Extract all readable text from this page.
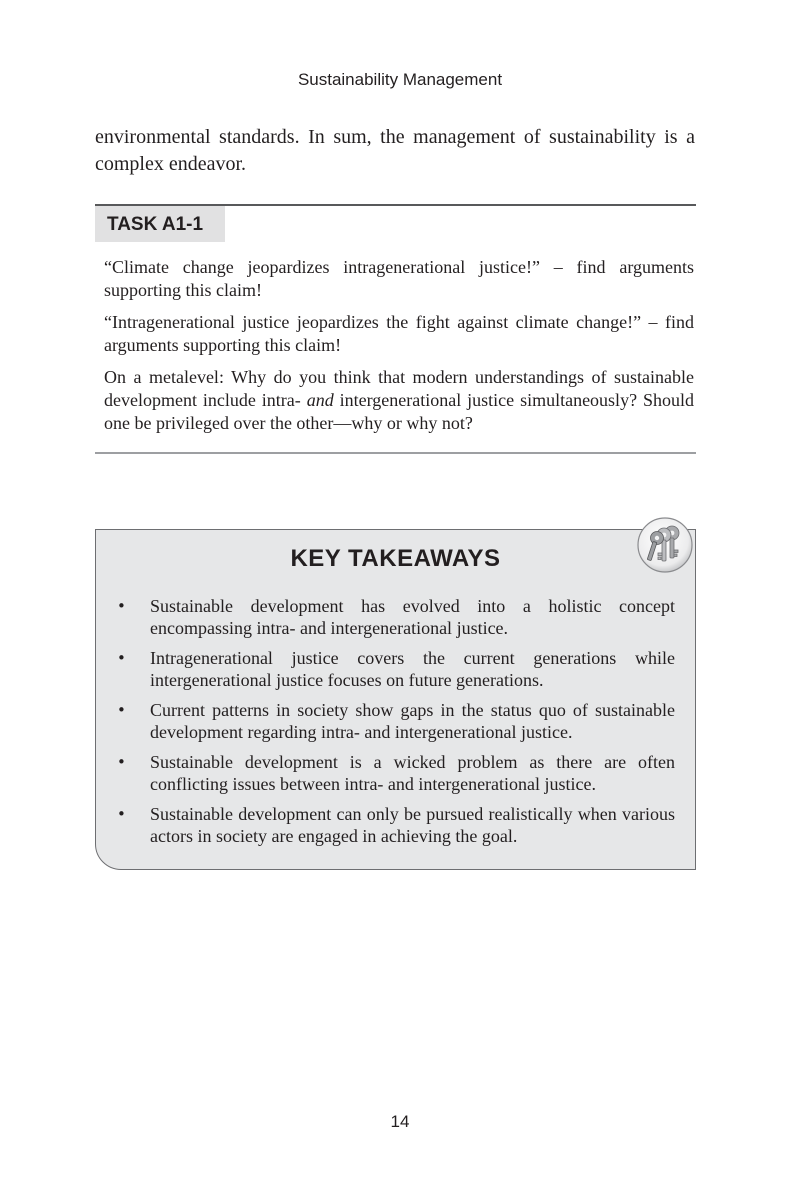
Sustainability Management

environmental standards. In sum, the management of sustainability is a complex endeavor.

TASK A1-1

“Climate change jeopardizes intragenerational justice!” – find arguments supporting this claim!

“Intragenerational justice jeopardizes the fight against climate change!” – find arguments supporting this claim!

On a metalevel: Why do you think that modern understandings of sustainable development include intra- and intergenerational justice simultaneously? Should one be privileged over the other—why or why not?

KEY TAKEAWAYS
• Sustainable development has evolved into a holistic concept encompassing intra- and intergenerational justice.
• Intragenerational justice covers the current generations while intergenerational justice focuses on future generations.
• Current patterns in society show gaps in the status quo of sustainable development regarding intra- and intergenerational justice.
• Sustainable development is a wicked problem as there are often conflicting issues between intra- and intergenerational justice.
• Sustainable development can only be pursued realistically when various actors in society are engaged in achieving the goal.
14
